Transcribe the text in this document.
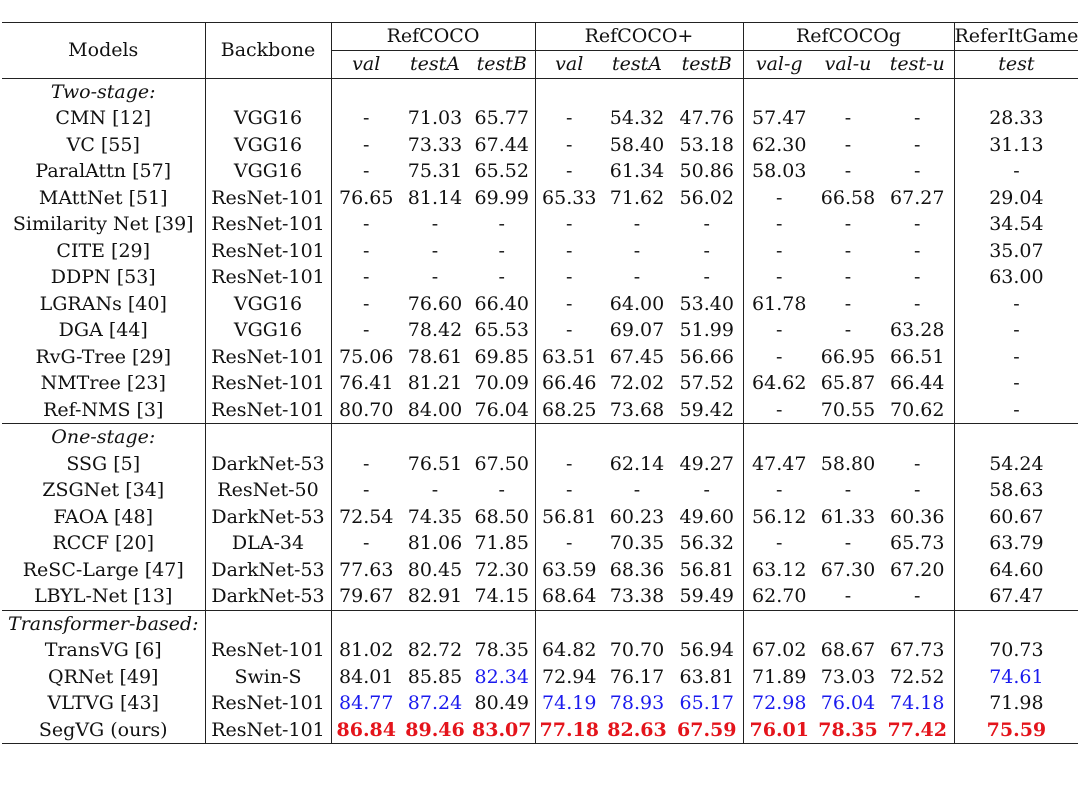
Models	Backbone	RefCOCO			RefCOCO+			RefCOCOg			ReferItGame
		val	testA	testB	val	testA	testB	val-g	val-u	test-u	test
Two-stage:											
CMN [12]	VGG16	-	71.03	65.77	-	54.32	47.76	57.47	-	-	28.33
VC [55]	VGG16	-	73.33	67.44	-	58.40	53.18	62.30	-	-	31.13
ParalAttn [57]	VGG16	-	75.31	65.52	-	61.34	50.86	58.03	-	-	-
MAttNet [51]	ResNet-101	76.65	81.14	69.99	65.33	71.62	56.02	-	66.58	67.27	29.04
Similarity Net [39]	ResNet-101	-	-	-	-	-	-	-	-	-	34.54
CITE [29]	ResNet-101	-	-	-	-	-	-	-	-	-	35.07
DDPN [53]	ResNet-101	-	-	-	-	-	-	-	-	-	63.00
LGRANs [40]	VGG16	-	76.60	66.40	-	64.00	53.40	61.78	-	-	-
DGA [44]	VGG16	-	78.42	65.53	-	69.07	51.99	-	-	63.28	-
RvG-Tree [29]	ResNet-101	75.06	78.61	69.85	63.51	67.45	56.66	-	66.95	66.51	-
NMTree [23]	ResNet-101	76.41	81.21	70.09	66.46	72.02	57.52	64.62	65.87	66.44	-
Ref-NMS [3]	ResNet-101	80.70	84.00	76.04	68.25	73.68	59.42	-	70.55	70.62	-
One-stage:											
SSG [5]	DarkNet-53	-	76.51	67.50	-	62.14	49.27	47.47	58.80	-	54.24
ZSGNet [34]	ResNet-50	-	-	-	-	-	-	-	-	-	58.63
FAOA [48]	DarkNet-53	72.54	74.35	68.50	56.81	60.23	49.60	56.12	61.33	60.36	60.67
RCCF [20]	DLA-34	-	81.06	71.85	-	70.35	56.32	-	-	65.73	63.79
ReSC-Large [47]	DarkNet-53	77.63	80.45	72.30	63.59	68.36	56.81	63.12	67.30	67.20	64.60
LBYL-Net [13]	DarkNet-53	79.67	82.91	74.15	68.64	73.38	59.49	62.70	-	-	67.47
Transformer-based:											
TransVG [6]	ResNet-101	81.02	82.72	78.35	64.82	70.70	56.94	67.02	68.67	67.73	70.73
QRNet [49]	Swin-S	84.01	85.85	82.34	72.94	76.17	63.81	71.89	73.03	72.52	74.61
VLTVG [43]	ResNet-101	84.77	87.24	80.49	74.19	78.93	65.17	72.98	76.04	74.18	71.98
SegVG (ours)	ResNet-101	86.84	89.46	83.07	77.18	82.63	67.59	76.01	78.35	77.42	75.59
